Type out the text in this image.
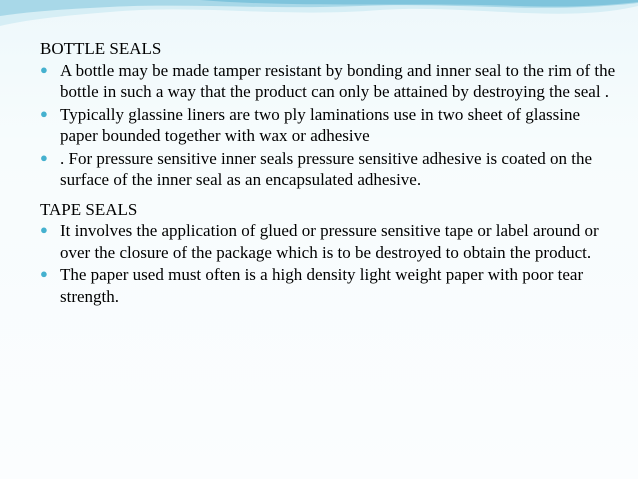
BOTTLE SEALS
● A bottle may be made tamper resistant by bonding and inner seal to the rim of the bottle in such a way that the product can only be attained by destroying the seal .
● Typically glassine liners are two ply laminations use in two sheet of glassine paper bounded together with wax or adhesive
● . For pressure sensitive inner seals pressure sensitive adhesive is coated on the surface of the inner seal as an encapsulated adhesive.
TAPE SEALS
● It involves the application of glued or pressure sensitive tape or label around or over the closure of the package which is to be destroyed to obtain the product.
● The paper used must often is a high density light weight paper with poor tear strength.
